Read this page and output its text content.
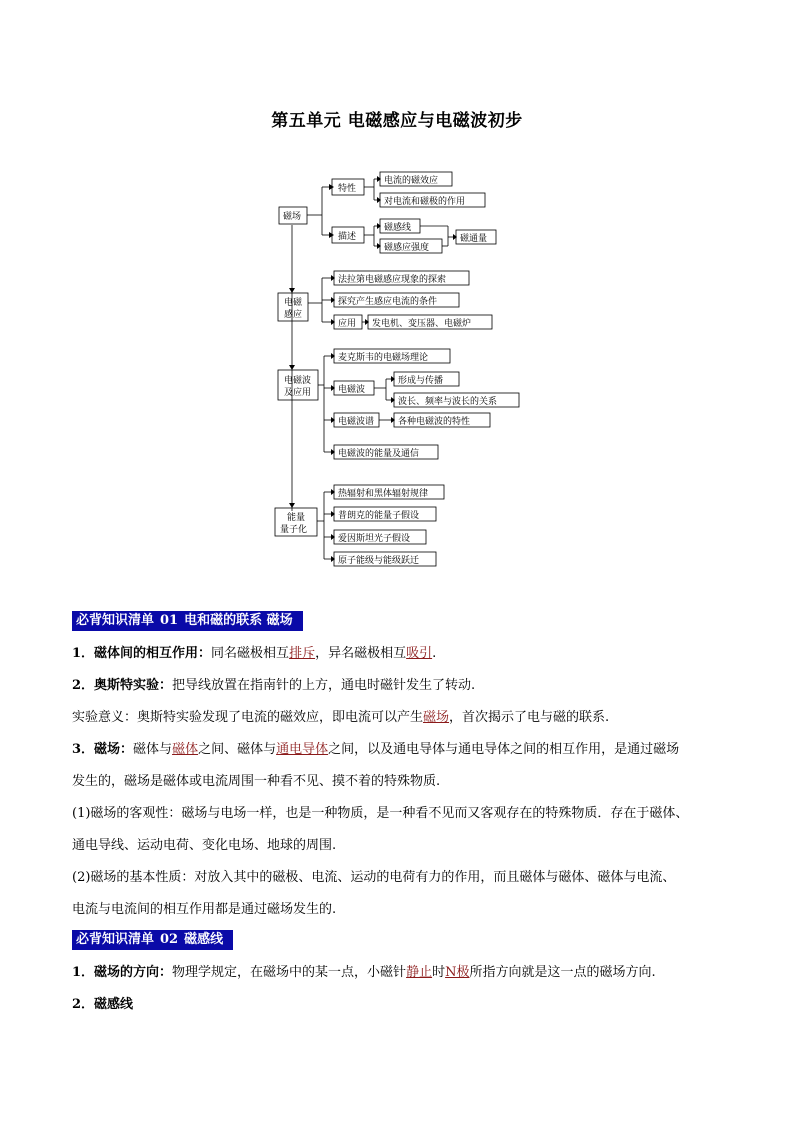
第五单元 电磁感应与电磁波初步
磁场
特性
电流的磁效应
对电流和磁极的作用
描述
磁感线
磁感应强度
磁通量
电磁
感应
法拉第电磁感应现象的探索
探究产生感应电流的条件
应用 发电机、变压器、电磁炉
电磁波
及应用
麦克斯韦的电磁场理论
电磁波
形成与传播
波长、频率与波长的关系
电磁波谱	各种电磁波的特性
电磁波的能量及通信
能量
量子化
热辐射和黑体辐射规律
普朗克的能量子假设
爱因斯坦光子假设
原子能级与能级跃迁
必背知识清单 01 电和磁的联系 磁场
1．磁体间的相互作用：同名磁极相互排斥，异名磁极相互吸引.
2．奥斯特实验：把导线放置在指南针的上方，通电时磁针发生了转动.
实验意义：奥斯特实验发现了电流的磁效应，即电流可以产生磁场，首次揭示了电与磁的联系.
3．磁场：磁体与磁体之间、磁体与通电导体之间，以及通电导体与通电导体之间的相互作用，是通过磁场
发生的，磁场是磁体或电流周围一种看不见、摸不着的特殊物质.
(1)磁场的客观性：磁场与电场一样，也是一种物质，是一种看不见而又客观存在的特殊物质．存在于磁体、
通电导线、运动电荷、变化电场、地球的周围.
(2)磁场的基本性质：对放入其中的磁极、电流、运动的电荷有力的作用，而且磁体与磁体、磁体与电流、
电流与电流间的相互作用都是通过磁场发生的.
必背知识清单 02 磁感线
1．磁场的方向：物理学规定，在磁场中的某一点，小磁针静止时N极所指方向就是这一点的磁场方向.
2．磁感线
